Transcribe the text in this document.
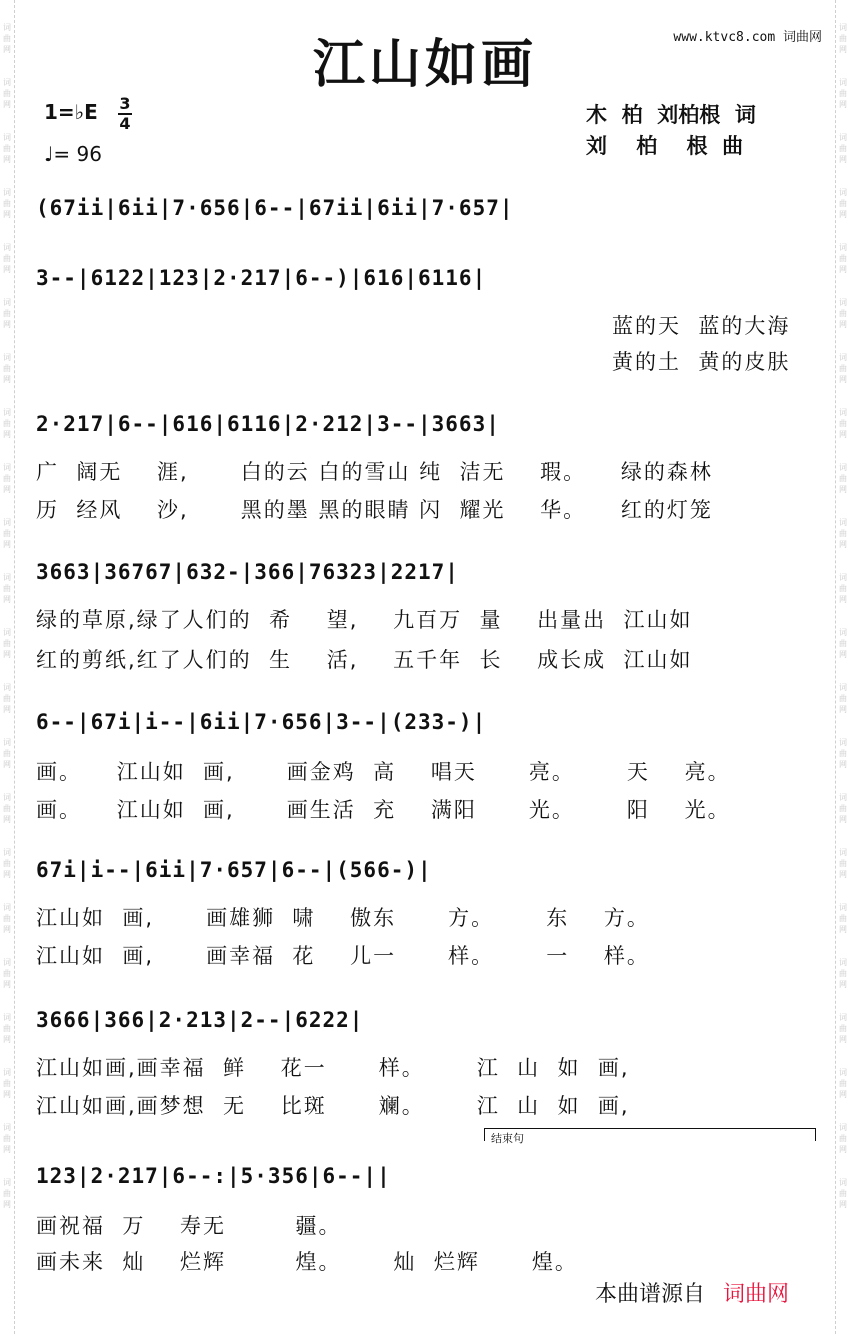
词
曲
网
词
曲
网
词
曲
网
词
曲
网
词
曲
网
词
曲
网
词
曲
网
词
曲
网
词
曲
网
词
曲
网
词
曲
网
词
曲
网
词
曲
网
词
曲
网
词
曲
网
词
曲
网
词
曲
网
词
曲
网
词
曲
网
词
曲
网
词
曲
网
词
曲
网
词
曲
网
词
曲
网
词
曲
网
词
曲
网
词
曲
网
词
曲
网
词
曲
网
词
曲
网
词
曲
网
词
曲
网
词
曲
网
词
曲
网
词
曲
网
词
曲
网
词
曲
网
词
曲
网
词
曲
网
词
曲
网
词
曲
网
词
曲
网
词
曲
网
词
曲
网
www.ktvc8.com 词曲网
江山如画
1=♭E 3
4
♩= 96
木  柏  刘柏根  词
刘    柏    根  曲
(67ii|6ii|7·656|6--|67ii|6ii|7·657|
3--|6122|123|2·217|6--)|616|6116|
蓝的天  蓝的大海
黄的土  黄的皮肤
2·217|6--|616|6116|2·212|3--|3663|
广  阔无    涯,      白的云 白的雪山 纯  洁无    瑕。    绿的森林
历  经风    沙,      黑的墨 黑的眼睛 闪  耀光    华。    红的灯笼
3663|36767|632-|366|76323|2217|
绿的草原,绿了人们的  希    望,    九百万  量    出量出  江山如
红的剪纸,红了人们的  生    活,    五千年  长    成长成  江山如
6--|67i|i--|6ii|7·656|3--|(233-)|
画。    江山如  画,      画金鸡  高    唱天      亮。      天    亮。
画。    江山如  画,      画生活  充    满阳      光。      阳    光。
67i|i--|6ii|7·657|6--|(566-)|
江山如  画,      画雄狮  啸    傲东      方。      东    方。
江山如  画,      画幸福  花    儿一      样。      一    样。
3666|366|2·213|2--|6222|
江山如画,画幸福  鲜    花一      样。      江  山  如  画,
江山如画,画梦想  无    比斑      斓。      江  山  如  画,
结束句
123|2·217|6--:|5·356|6--||
画祝福  万    寿无        疆。
画未来  灿    烂辉        煌。      灿  烂辉      煌。
本曲谱源自 词曲网
